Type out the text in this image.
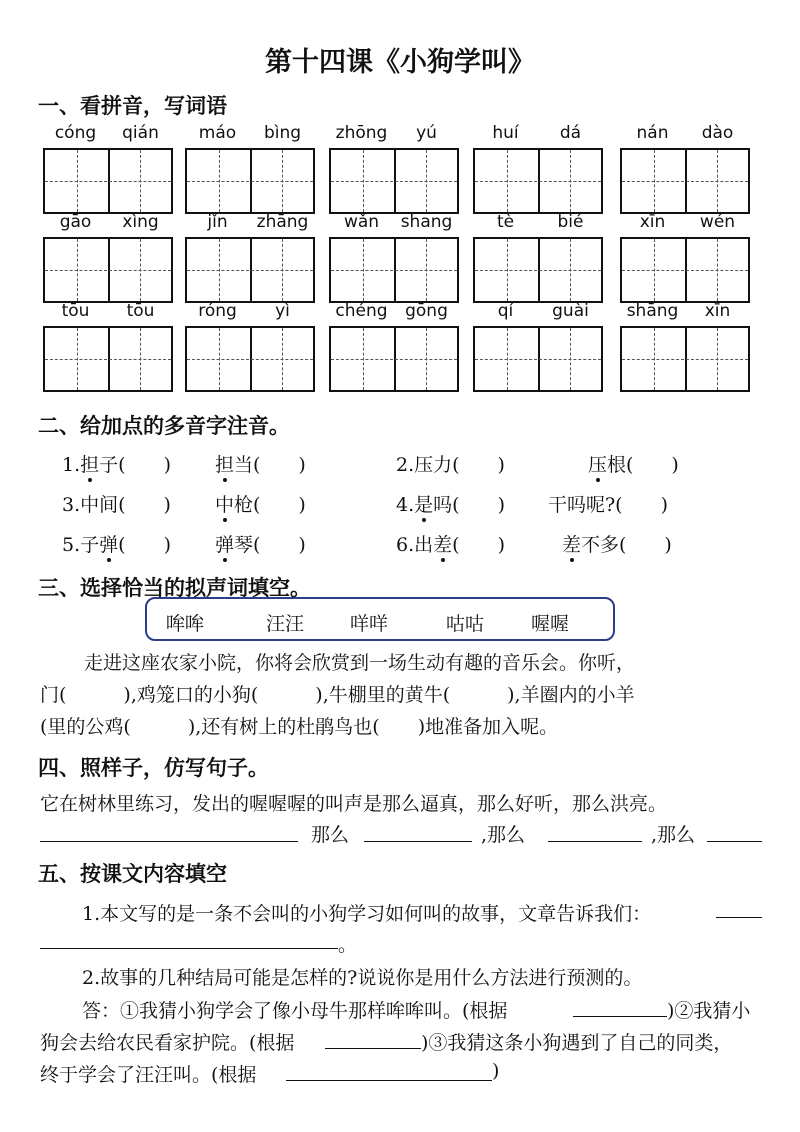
第十四课《小狗学叫》
一、看拼音，写词语
cóng	qián	máo	bìng	zhōng	yú	huí	dá	nán	dào
gāo	xìng	jǐn	zhāng	wǎn	shang	tè	bié	xīn	wén
tōu	tōu	róng	yì	chéng	gōng	qí	guài	shāng	xīn
二、给加点的多音字注音。
1.担子(　　) 担当(　　)	2.压力(　　)	压根(　　)
3.中间(　　) 中枪(　　)	4.是吗(　　) 干吗呢?(　　)
5.子弹(　　) 弹琴(　　)	6.出差(　　)	差不多(　　)
三、选择恰当的拟声词填空。
哞哞	汪汪 咩咩	咕咕 喔喔
走进这座农家小院，你将会欣赏到一场生动有趣的音乐会。你听，
门(　　　),鸡笼口的小狗(　　　),牛棚里的黄牛(　　　),羊圈内的小羊
(里的公鸡(　　　),还有树上的杜鹃鸟也(　　)地准备加入呢。
四、照样子，仿写句子。
它在树林里练习，发出的喔喔喔的叫声是那么逼真，那么好听，那么洪亮。
那么	,那么	,那么
五、按课文内容填空
1.本文写的是一条不会叫的小狗学习如何叫的故事，文章告诉我们：
。
2.故事的几种结局可能是怎样的?说说你是用什么方法进行预测的。
答：①我猜小狗学会了像小母牛那样哞哞叫。(根据	)②我猜小
狗会去给农民看家护院。(根据	)③我猜这条小狗遇到了自己的同类，
终于学会了汪汪叫。(根据	)
